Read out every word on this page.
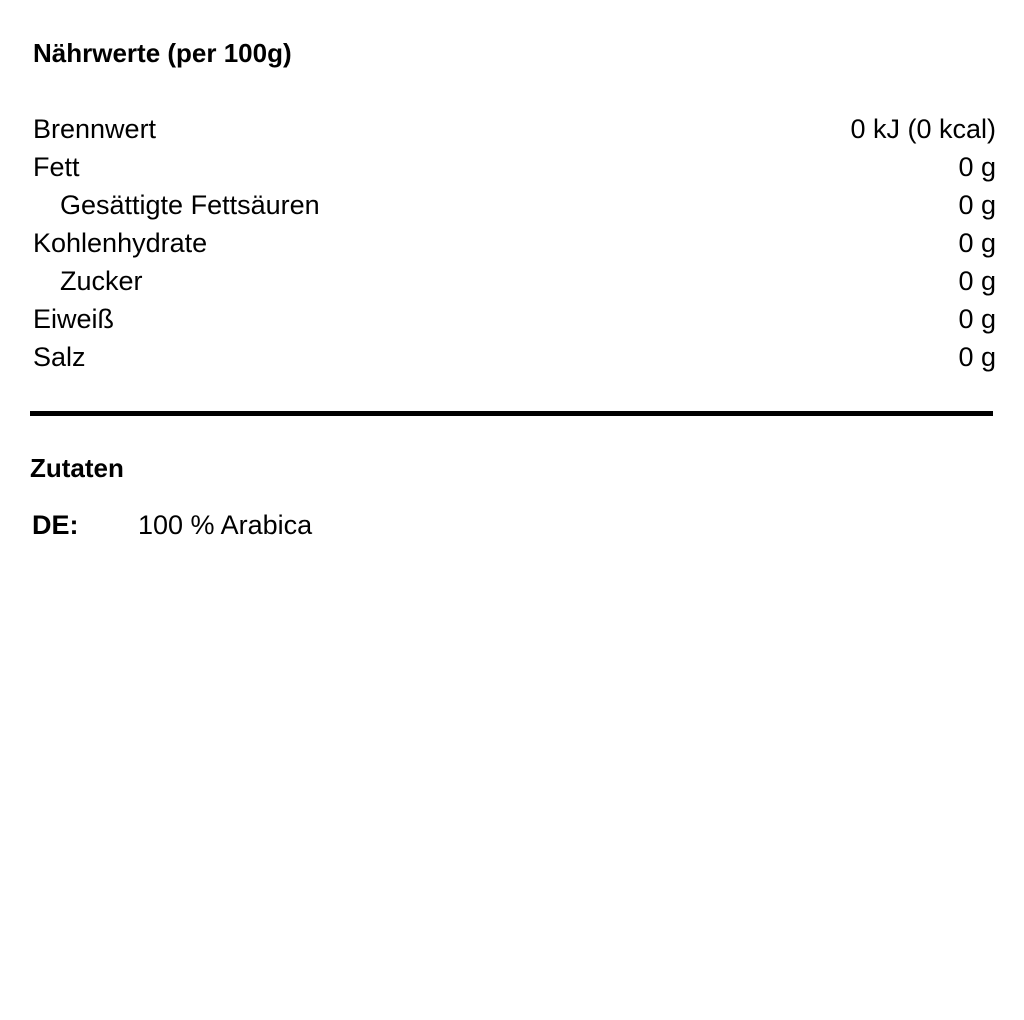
Nährwerte (per 100g)
Brennwert	0 kJ (0 kcal)
Fett	0 g
Gesättigte Fettsäuren	0 g
Kohlenhydrate	0 g
Zucker	0 g
Eiweiß	0 g
Salz	0 g
Zutaten
DE: 100 % Arabica
